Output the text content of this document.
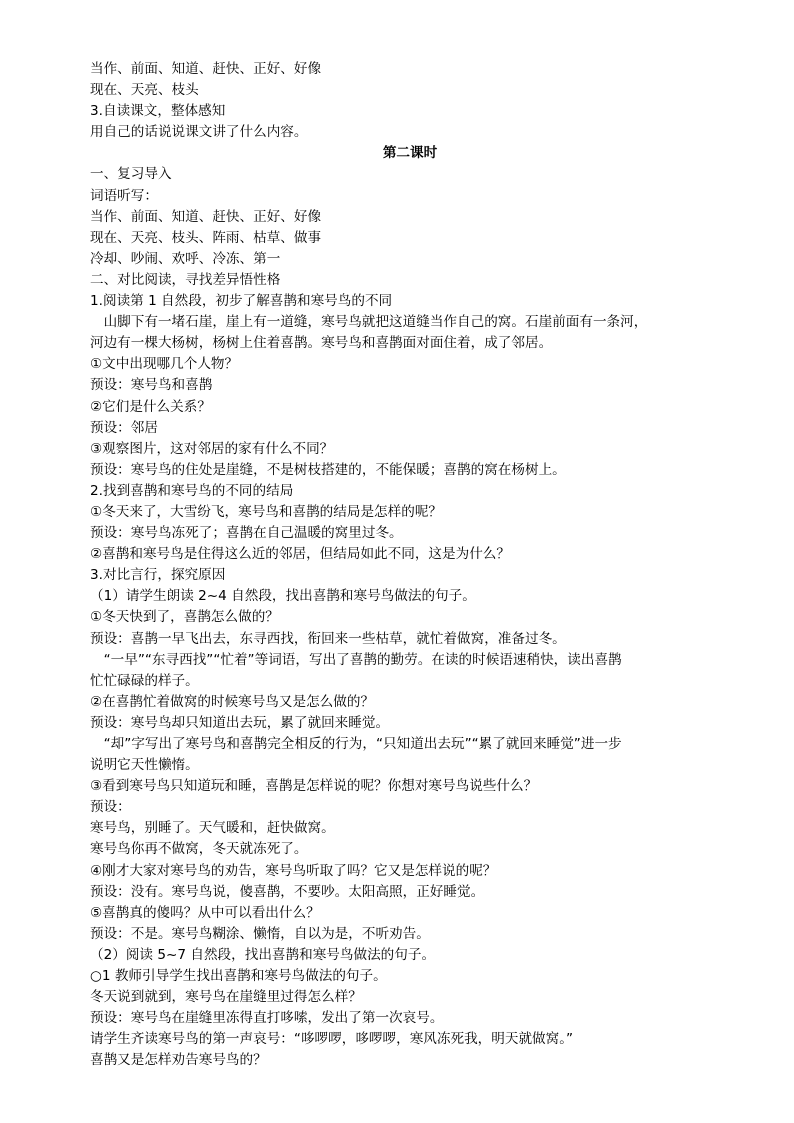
当作、前面、知道、赶快、正好、好像
现在、天亮、枝头
3.自读课文，整体感知
用自己的话说说课文讲了什么内容。
第二课时
一、复习导入
词语听写：
当作、前面、知道、赶快、正好、好像
现在、天亮、枝头、阵雨、枯草、做事
冷却、吵闹、欢呼、冷冻、第一
二、对比阅读，寻找差异悟性格
1.阅读第 1 自然段，初步了解喜鹊和寒号鸟的不同
　山脚下有一堵石崖，崖上有一道缝，寒号鸟就把这道缝当作自己的窝。石崖前面有一条河，
河边有一棵大杨树，杨树上住着喜鹊。寒号鸟和喜鹊面对面住着，成了邻居。
①文中出现哪几个人物？
预设：寒号鸟和喜鹊
②它们是什么关系？
预设：邻居
③观察图片，这对邻居的家有什么不同？
预设：寒号鸟的住处是崖缝，不是树枝搭建的，不能保暖；喜鹊的窝在杨树上。
2.找到喜鹊和寒号鸟的不同的结局
①冬天来了，大雪纷飞，寒号鸟和喜鹊的结局是怎样的呢？
预设：寒号鸟冻死了；喜鹊在自己温暖的窝里过冬。
②喜鹊和寒号鸟是住得这么近的邻居，但结局如此不同，这是为什么？
3.对比言行，探究原因
（1）请学生朗读 2~4 自然段，找出喜鹊和寒号鸟做法的句子。
①冬天快到了，喜鹊怎么做的？
预设：喜鹊一早飞出去，东寻西找，衔回来一些枯草，就忙着做窝，准备过冬。
　“一早”“东寻西找”“忙着”等词语，写出了喜鹊的勤劳。在读的时候语速稍快，读出喜鹊
忙忙碌碌的样子。
②在喜鹊忙着做窝的时候寒号鸟又是怎么做的？
预设：寒号鸟却只知道出去玩，累了就回来睡觉。
　“却”字写出了寒号鸟和喜鹊完全相反的行为，“只知道出去玩”“累了就回来睡觉”进一步
说明它天性懒惰。
③看到寒号鸟只知道玩和睡，喜鹊是怎样说的呢？你想对寒号鸟说些什么？
预设：
寒号鸟，别睡了。天气暖和，赶快做窝。
寒号鸟你再不做窝，冬天就冻死了。
④刚才大家对寒号鸟的劝告，寒号鸟听取了吗？它又是怎样说的呢？
预设：没有。寒号鸟说，傻喜鹊，不要吵。太阳高照，正好睡觉。
⑤喜鹊真的傻吗？从中可以看出什么？
预设：不是。寒号鸟糊涂、懒惰，自以为是，不听劝告。
（2）阅读 5~7 自然段，找出喜鹊和寒号鸟做法的句子。
○1 教师引导学生找出喜鹊和寒号鸟做法的句子。
冬天说到就到，寒号鸟在崖缝里过得怎么样？
预设：寒号鸟在崖缝里冻得直打哆嗦，发出了第一次哀号。
请学生齐读寒号鸟的第一声哀号：“哆啰啰，哆啰啰，寒风冻死我，明天就做窝。”
喜鹊又是怎样劝告寒号鸟的？
